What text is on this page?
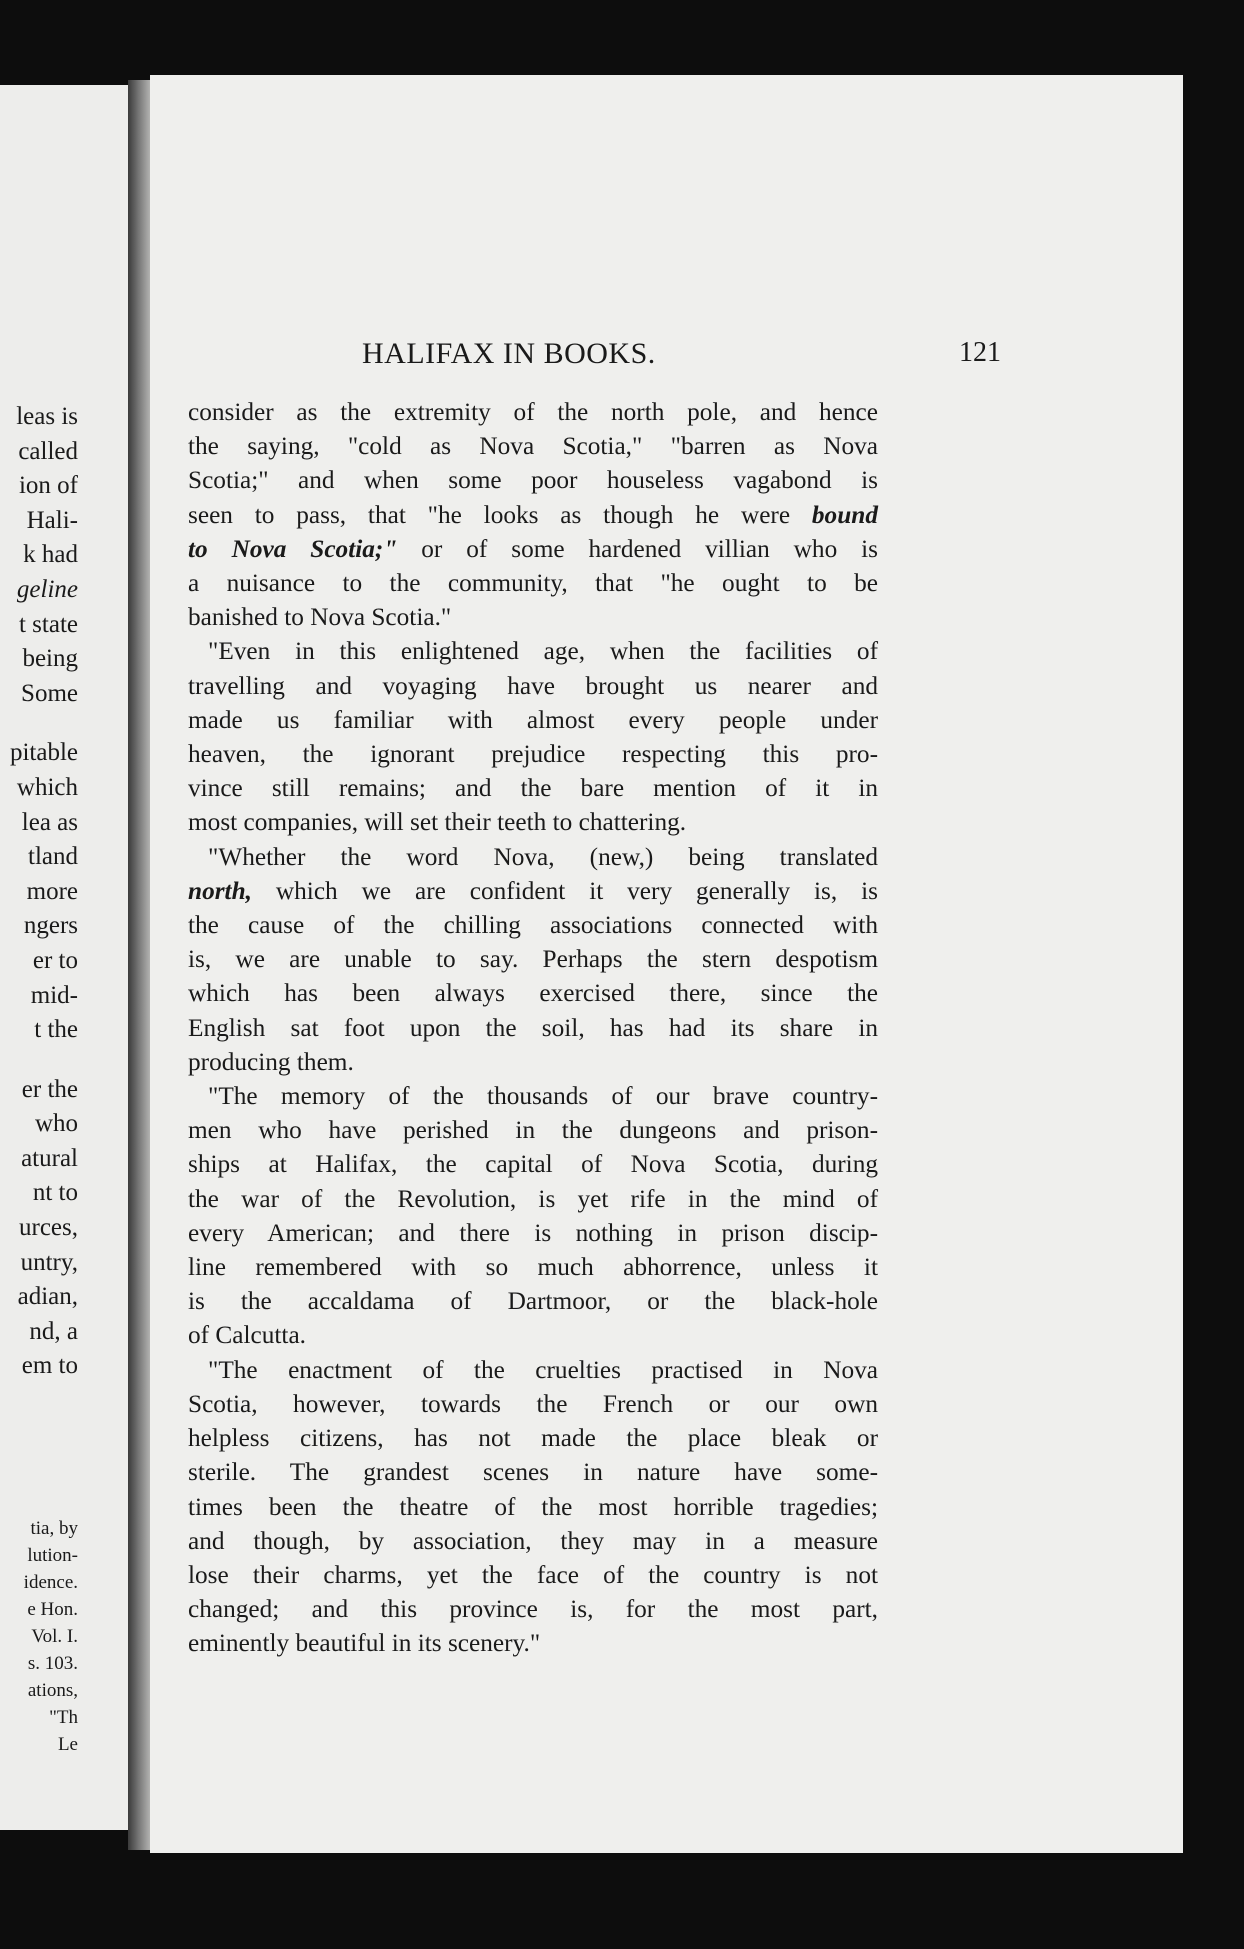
leas is
called
ion of
Hali-
k had
geline
t state
being
Some
pitable
which
lea as
tland
more
ngers
er to
mid-
t the
er the
who
atural
nt to
urces,
untry,
adian,
nd, a
em to
tia, by
lution-
idence.
e Hon.
Vol. I.
s. 103.
ations,
"Th
Le
HALIFAX IN BOOKS.	121

consider as the extremity of the north pole, and hence
the saying, "cold as Nova Scotia," "barren as Nova
Scotia;" and when some poor houseless vagabond is
seen to pass, that "he looks as though he were bound
to Nova Scotia;" or of some hardened villian who is
a nuisance to the community, that "he ought to be
banished to Nova Scotia."

"Even in this enlightened age, when the facilities of
travelling and voyaging have brought us nearer and
made us familiar with almost every people under
heaven, the ignorant prejudice respecting this pro-
vince still remains; and the bare mention of it in
most companies, will set their teeth to chattering.

"Whether the word Nova, (new,) being translated
north, which we are confident it very generally is, is
the cause of the chilling associations connected with
is, we are unable to say. Perhaps the stern despotism
which has been always exercised there, since the
English sat foot upon the soil, has had its share in
producing them.

"The memory of the thousands of our brave country-
men who have perished in the dungeons and prison-
ships at Halifax, the capital of Nova Scotia, during
the war of the Revolution, is yet rife in the mind of
every American; and there is nothing in prison discip-
line remembered with so much abhorrence, unless it
is the accaldama of Dartmoor, or the black-hole
of Calcutta.

"The enactment of the cruelties practised in Nova
Scotia, however, towards the French or our own
helpless citizens, has not made the place bleak or
sterile. The grandest scenes in nature have some-
times been the theatre of the most horrible tragedies;
and though, by association, they may in a measure
lose their charms, yet the face of the country is not
changed; and this province is, for the most part,
eminently beautiful in its scenery."
